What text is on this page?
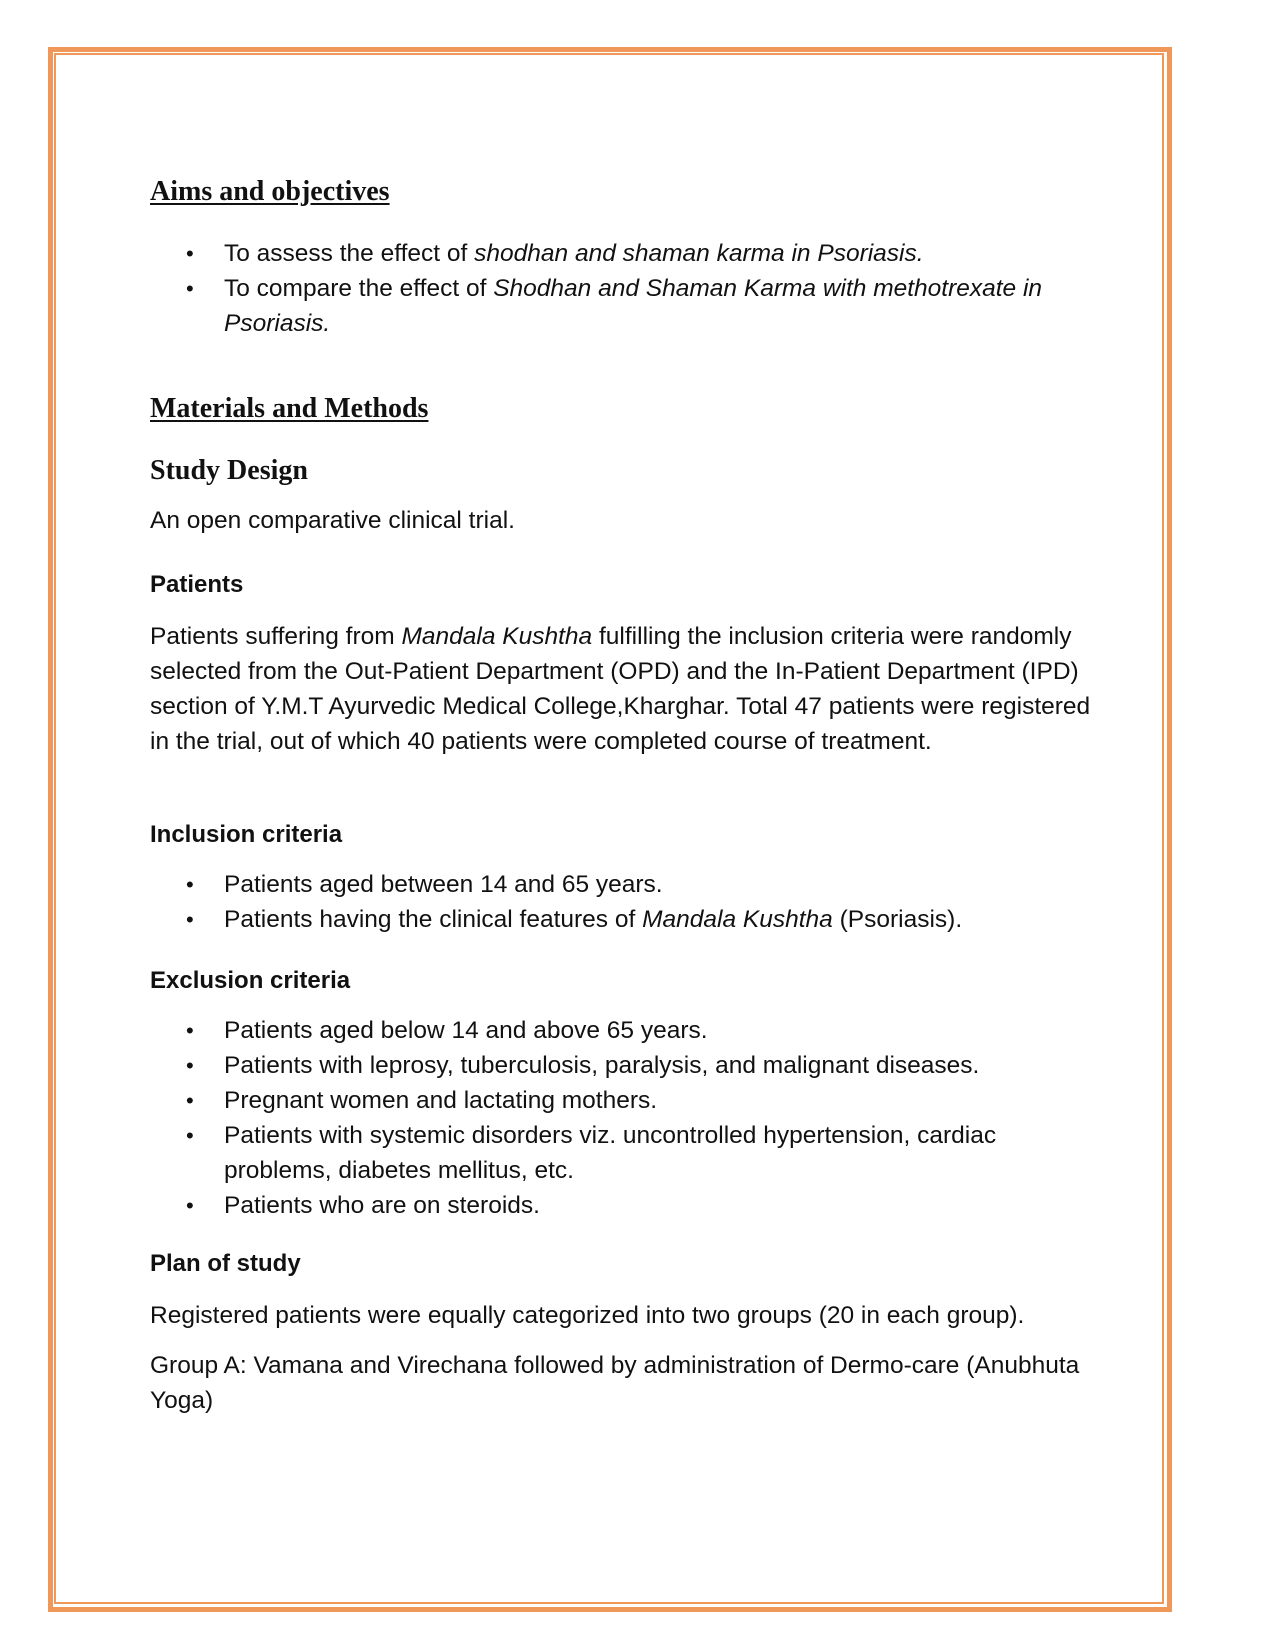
Aims and objectives
• To assess the effect of shodhan and shaman karma in Psoriasis.
• To compare the effect of Shodhan and Shaman Karma with methotrexate in Psoriasis.
Materials and Methods
Study Design
An open comparative clinical trial.
Patients
Patients suffering from Mandala Kushtha fulfilling the inclusion criteria were randomly selected from the Out-Patient Department (OPD) and the In-Patient Department (IPD) section of Y.M.T Ayurvedic Medical College,Kharghar. Total 47 patients were registered in the trial, out of which 40 patients were completed course of treatment.
Inclusion criteria
• Patients aged between 14 and 65 years.
• Patients having the clinical features of Mandala Kushtha (Psoriasis).
Exclusion criteria
• Patients aged below 14 and above 65 years.
• Patients with leprosy, tuberculosis, paralysis, and malignant diseases.
• Pregnant women and lactating mothers.
• Patients with systemic disorders viz. uncontrolled hypertension, cardiac problems, diabetes mellitus, etc.
• Patients who are on steroids.
Plan of study
Registered patients were equally categorized into two groups (20 in each group).
Group A: Vamana and Virechana followed by administration of Dermo-care (Anubhuta Yoga)
